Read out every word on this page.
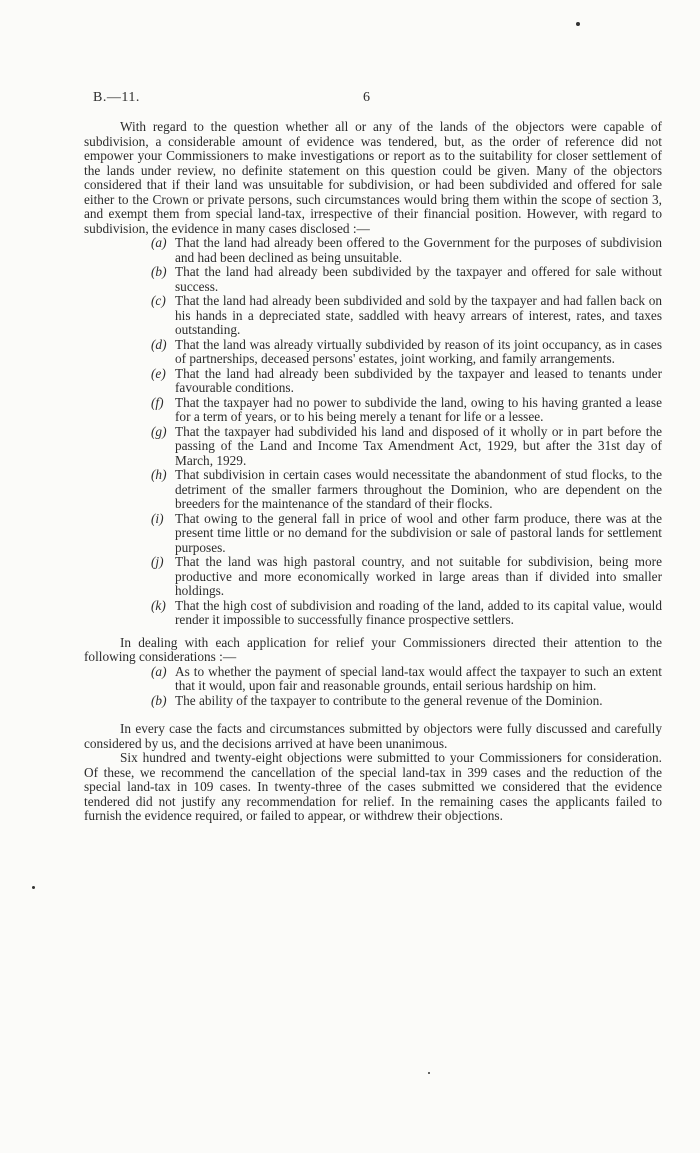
B.—11.	6

With regard to the question whether all or any of the lands of the objectors were capable of subdivision, a considerable amount of evidence was tendered, but, as the order of reference did not empower your Commissioners to make investigations or report as to the suitability for closer settlement of the lands under review, no definite statement on this question could be given. Many of the objectors considered that if their land was unsuitable for subdivision, or had been subdivided and offered for sale either to the Crown or private persons, such circumstances would bring them within the scope of section 3, and exempt them from special land-tax, irrespective of their financial position. However, with regard to subdivision, the evidence in many cases disclosed :—

(a) That the land had already been offered to the Government for the purposes of subdivision and had been declined as being unsuitable.
(b) That the land had already been subdivided by the taxpayer and offered for sale without success.
(c) That the land had already been subdivided and sold by the taxpayer and had fallen back on his hands in a depreciated state, saddled with heavy arrears of interest, rates, and taxes outstanding.
(d) That the land was already virtually subdivided by reason of its joint occupancy, as in cases of partnerships, deceased persons' estates, joint working, and family arrangements.
(e) That the land had already been subdivided by the taxpayer and leased to tenants under favourable conditions.
(f) That the taxpayer had no power to subdivide the land, owing to his having granted a lease for a term of years, or to his being merely a tenant for life or a lessee.
(g) That the taxpayer had subdivided his land and disposed of it wholly or in part before the passing of the Land and Income Tax Amendment Act, 1929, but after the 31st day of March, 1929.
(h) That subdivision in certain cases would necessitate the abandonment of stud flocks, to the detriment of the smaller farmers throughout the Dominion, who are dependent on the breeders for the maintenance of the standard of their flocks.
(i) That owing to the general fall in price of wool and other farm produce, there was at the present time little or no demand for the subdivision or sale of pastoral lands for settlement purposes.
(j) That the land was high pastoral country, and not suitable for subdivision, being more productive and more economically worked in large areas than if divided into smaller holdings.
(k) That the high cost of subdivision and roading of the land, added to its capital value, would render it impossible to successfully finance prospective settlers.

In dealing with each application for relief your Commissioners directed their attention to the following considerations :—

(a) As to whether the payment of special land-tax would affect the taxpayer to such an extent that it would, upon fair and reasonable grounds, entail serious hardship on him.
(b) The ability of the taxpayer to contribute to the general revenue of the Dominion.

In every case the facts and circumstances submitted by objectors were fully discussed and carefully considered by us, and the decisions arrived at have been unanimous.

Six hundred and twenty-eight objections were submitted to your Commissioners for consideration. Of these, we recommend the cancellation of the special land-tax in 399 cases and the reduction of the special land-tax in 109 cases. In twenty-three of the cases submitted we considered that the evidence tendered did not justify any recommendation for relief. In the remaining cases the applicants failed to furnish the evidence required, or failed to appear, or withdrew their objections.
